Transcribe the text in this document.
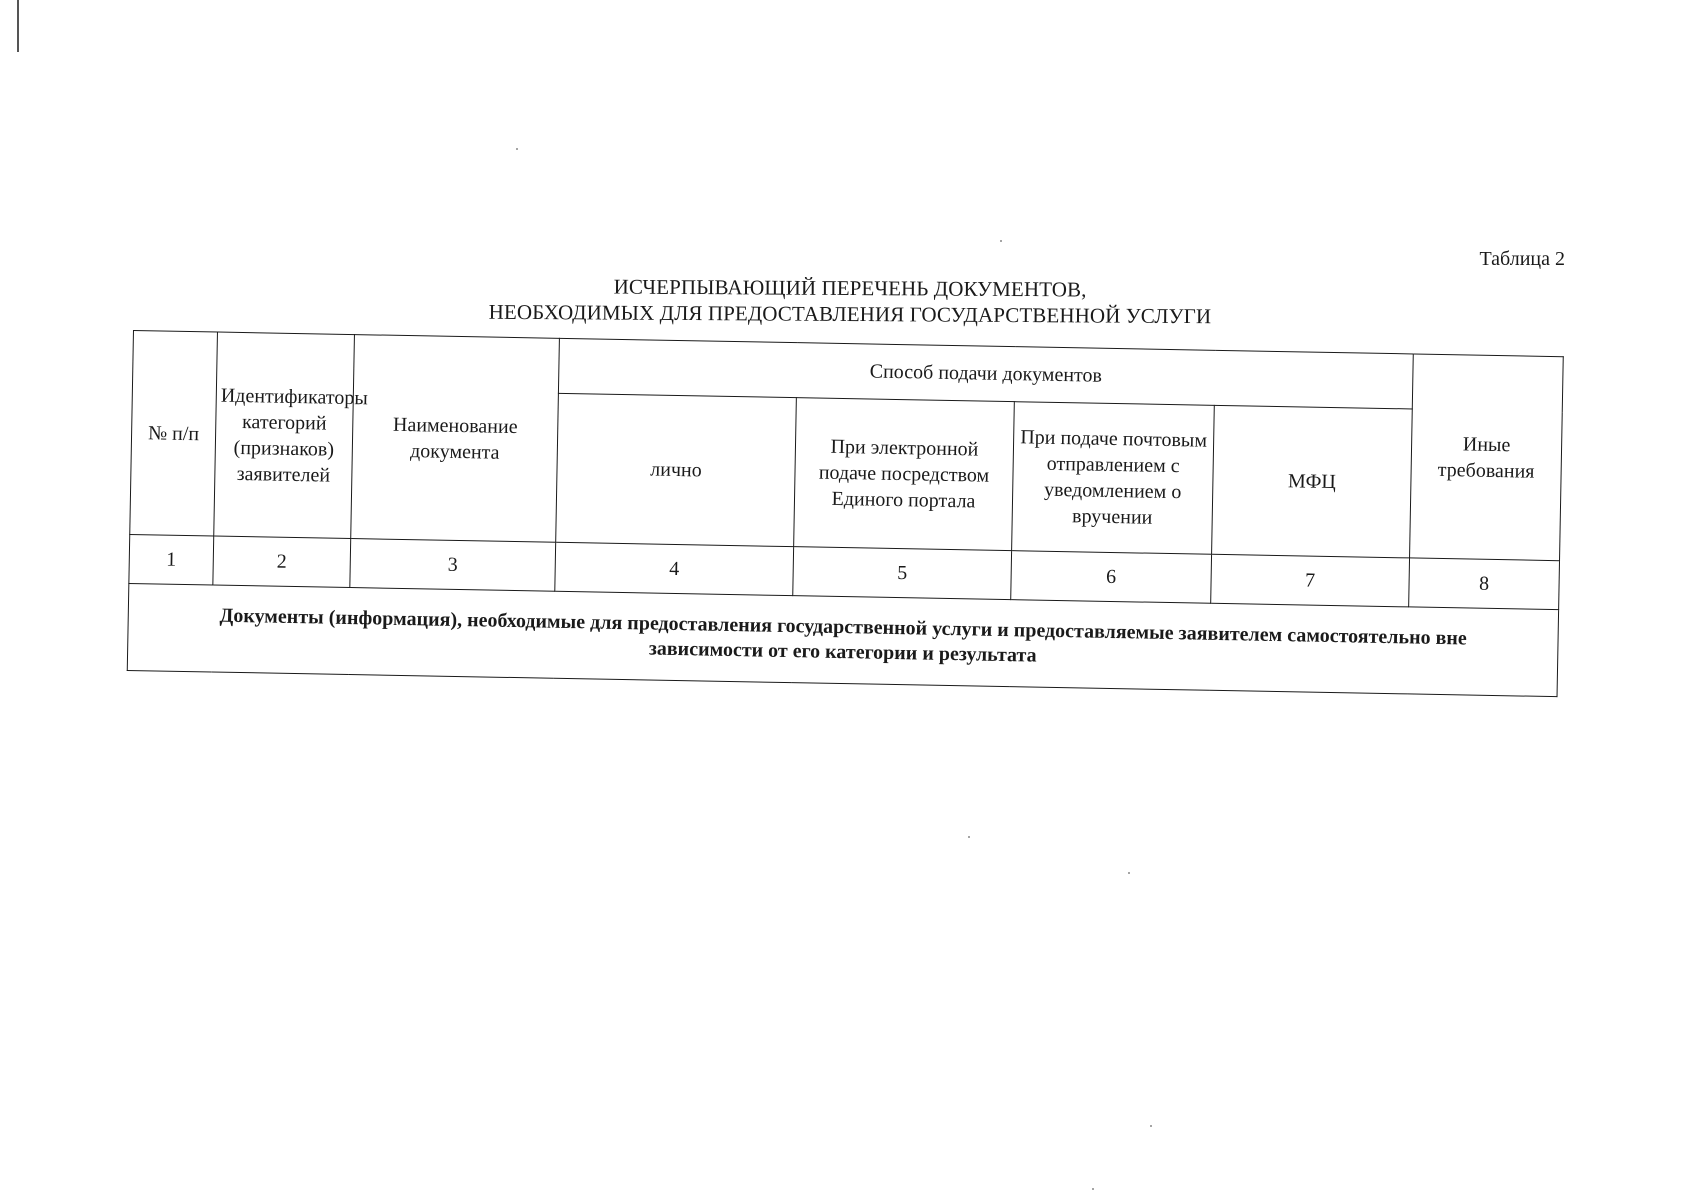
Таблица 2
ИСЧЕРПЫВАЮЩИЙ ПЕРЕЧЕНЬ ДОКУМЕНТОВ,
НЕОБХОДИМЫХ ДЛЯ ПРЕДОСТАВЛЕНИЯ ГОСУДАРСТВЕННОЙ УСЛУГИ
№ п/п	Идентификаторы категорий (признаков) заявителей	Наименование документа	Способ подачи документов				Иные требования
			лично	При электронной подаче посредством Единого портала	При подаче почтовым отправлением с уведомлением о вручении	МФЦ	
1	2	3	4	5	6	7	8
Документы (информация), необходимые для предоставления государственной услуги и предоставляемые заявителем самостоятельно вне зависимости от его категории и результата							
